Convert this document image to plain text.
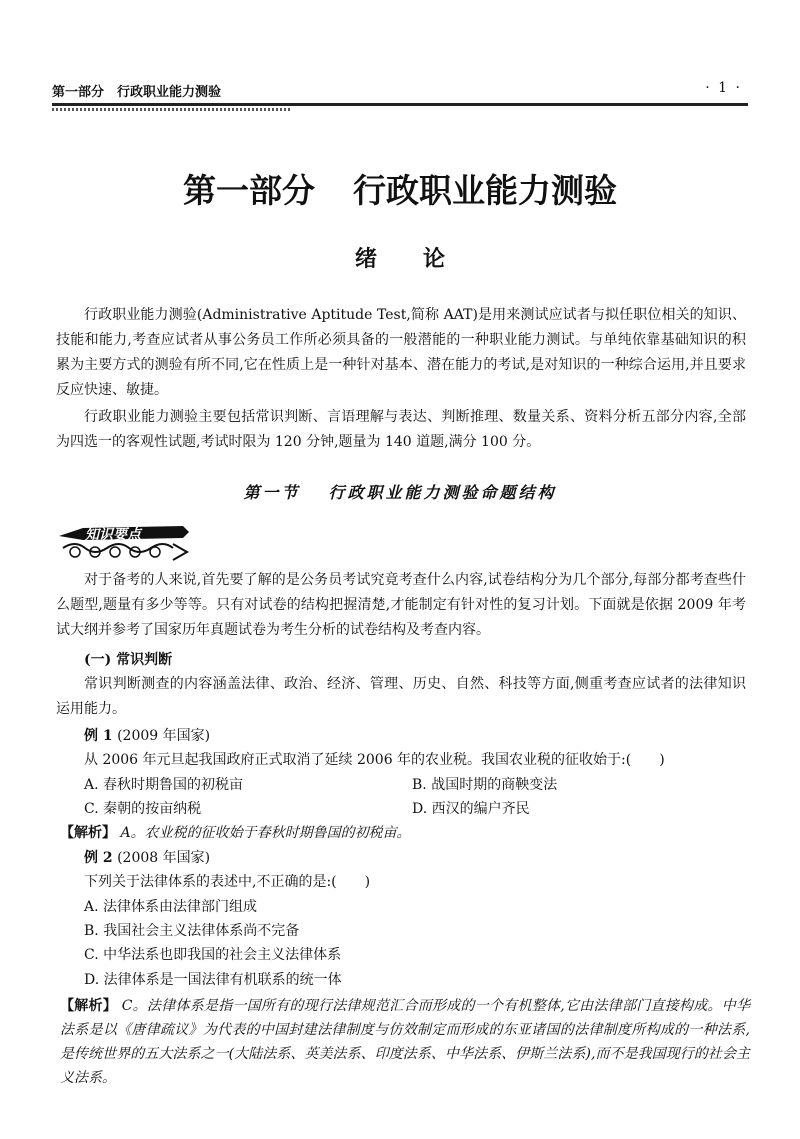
第一部分　行政职业能力测验	· 1 ·
第一部分 行政职业能力测验
绪论
行政职业能力测验(Administrative Aptitude Test,简称 AAT)是用来测试应试者与拟任职位相关的知识、技能和能力,考查应试者从事公务员工作所必须具备的一般潜能的一种职业能力测试。与单纯依靠基础知识的积累为主要方式的测验有所不同,它在性质上是一种针对基本、潜在能力的考试,是对知识的一种综合运用,并且要求反应快速、敏捷。
行政职业能力测验主要包括常识判断、言语理解与表达、判断推理、数量关系、资料分析五部分内容,全部为四选一的客观性试题,考试时限为 120 分钟,题量为 140 道题,满分 100 分。
第一节 行政职业能力测验命题结构
知识要点
对于备考的人来说,首先要了解的是公务员考试究竟考查什么内容,试卷结构分为几个部分,每部分都考查些什么题型,题量有多少等等。只有对试卷的结构把握清楚,才能制定有针对性的复习计划。下面就是依据 2009 年考试大纲并参考了国家历年真题试卷为考生分析的试卷结构及考查内容。
(一) 常识判断
常识判断测查的内容涵盖法律、政治、经济、管理、历史、自然、科技等方面,侧重考查应试者的法律知识运用能力。
例 1 (2009 年国家)
从 2006 年元旦起我国政府正式取消了延续 2006 年的农业税。我国农业税的征收始于:(　　)
A. 春秋时期鲁国的初税亩	B. 战国时期的商鞅变法
C. 秦朝的按亩纳税	D. 西汉的编户齐民
【解析】 A。农业税的征收始于春秋时期鲁国的初税亩。
例 2 (2008 年国家)
下列关于法律体系的表述中,不正确的是:(　　)
A. 法律体系由法律部门组成
B. 我国社会主义法律体系尚不完备
C. 中华法系也即我国的社会主义法律体系
D. 法律体系是一国法律有机联系的统一体
【解析】 C。法律体系是指一国所有的现行法律规范汇合而形成的一个有机整体,它由法律部门直接构成。中华法系是以《唐律疏议》为代表的中国封建法律制度与仿效制定而形成的东亚诸国的法律制度所构成的一种法系,是传统世界的五大法系之一(大陆法系、英美法系、印度法系、中华法系、伊斯兰法系),而不是我国现行的社会主义法系。
